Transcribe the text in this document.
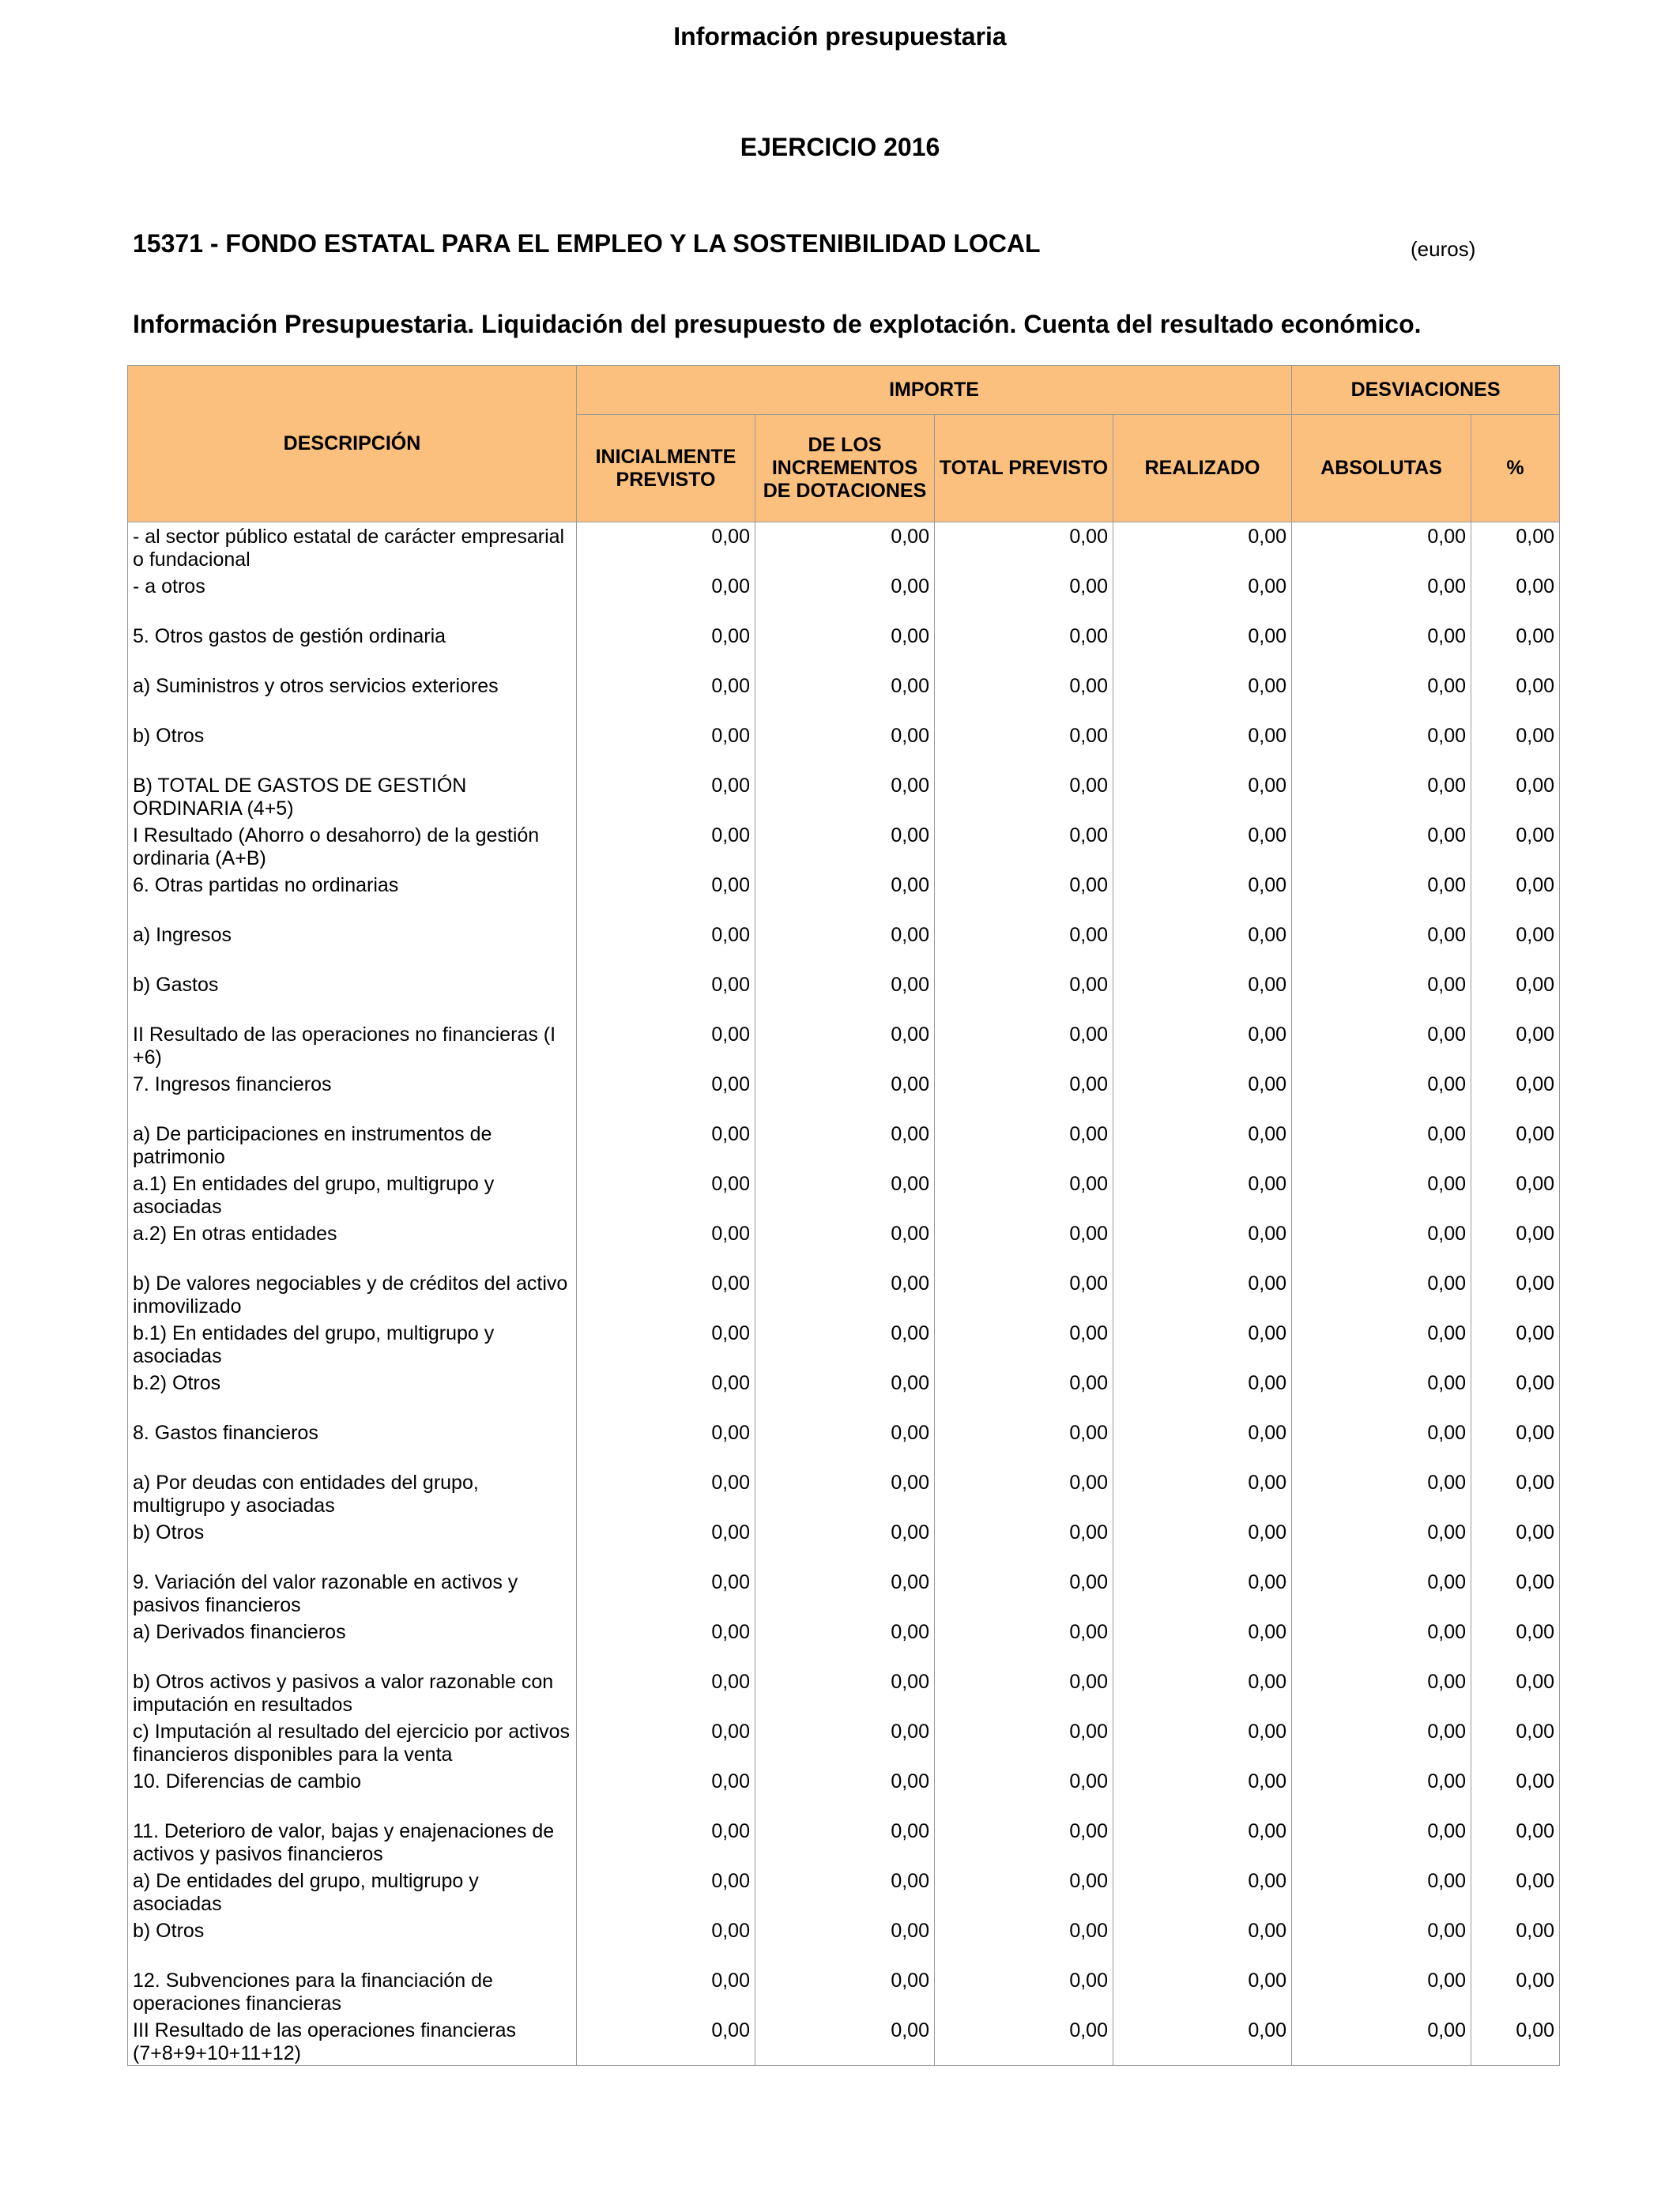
Información presupuestaria
EJERCICIO 2016
15371 - FONDO ESTATAL PARA EL EMPLEO Y LA SOSTENIBILIDAD LOCAL	(euros)
Información Presupuestaria. Liquidación del presupuesto de explotación. Cuenta del resultado económico.
DESCRIPCIÓN	IMPORTE				DESVIACIONES	
	INICIALMENTE PREVISTO	DE LOS INCREMENTOS DE DOTACIONES	TOTAL PREVISTO	REALIZADO	ABSOLUTAS	%
- al sector público estatal de carácter empresarial o fundacional	0,00	0,00	0,00	0,00	0,00	0,00
- a otros	0,00	0,00	0,00	0,00	0,00	0,00
5. Otros gastos de gestión ordinaria	0,00	0,00	0,00	0,00	0,00	0,00
a) Suministros y otros servicios exteriores	0,00	0,00	0,00	0,00	0,00	0,00
b) Otros	0,00	0,00	0,00	0,00	0,00	0,00
B) TOTAL DE GASTOS DE GESTIÓN ORDINARIA (4+5)	0,00	0,00	0,00	0,00	0,00	0,00
I Resultado (Ahorro o desahorro) de la gestión ordinaria (A+B)	0,00	0,00	0,00	0,00	0,00	0,00
6. Otras partidas no ordinarias	0,00	0,00	0,00	0,00	0,00	0,00
a) Ingresos	0,00	0,00	0,00	0,00	0,00	0,00
b) Gastos	0,00	0,00	0,00	0,00	0,00	0,00
II Resultado de las operaciones no financieras (I +6)	0,00	0,00	0,00	0,00	0,00	0,00
7. Ingresos financieros	0,00	0,00	0,00	0,00	0,00	0,00
a) De participaciones en instrumentos de patrimonio	0,00	0,00	0,00	0,00	0,00	0,00
a.1) En entidades del grupo, multigrupo y asociadas	0,00	0,00	0,00	0,00	0,00	0,00
a.2) En otras entidades	0,00	0,00	0,00	0,00	0,00	0,00
b) De valores negociables y de créditos del activo inmovilizado	0,00	0,00	0,00	0,00	0,00	0,00
b.1) En entidades del grupo, multigrupo y asociadas	0,00	0,00	0,00	0,00	0,00	0,00
b.2) Otros	0,00	0,00	0,00	0,00	0,00	0,00
8. Gastos financieros	0,00	0,00	0,00	0,00	0,00	0,00
a) Por deudas con entidades del grupo, multigrupo y asociadas	0,00	0,00	0,00	0,00	0,00	0,00
b) Otros	0,00	0,00	0,00	0,00	0,00	0,00
9. Variación del valor razonable en activos y pasivos financieros	0,00	0,00	0,00	0,00	0,00	0,00
a) Derivados financieros	0,00	0,00	0,00	0,00	0,00	0,00
b) Otros activos y pasivos a valor razonable con imputación en resultados	0,00	0,00	0,00	0,00	0,00	0,00
c) Imputación al resultado del ejercicio por activos financieros disponibles para la venta	0,00	0,00	0,00	0,00	0,00	0,00
10. Diferencias de cambio	0,00	0,00	0,00	0,00	0,00	0,00
11. Deterioro de valor, bajas y enajenaciones de activos y pasivos financieros	0,00	0,00	0,00	0,00	0,00	0,00
a) De entidades del grupo, multigrupo y asociadas	0,00	0,00	0,00	0,00	0,00	0,00
b) Otros	0,00	0,00	0,00	0,00	0,00	0,00
12. Subvenciones para la financiación de operaciones financieras	0,00	0,00	0,00	0,00	0,00	0,00
III Resultado de las operaciones financieras (7+8+9+10+11+12)	0,00	0,00	0,00	0,00	0,00	0,00
